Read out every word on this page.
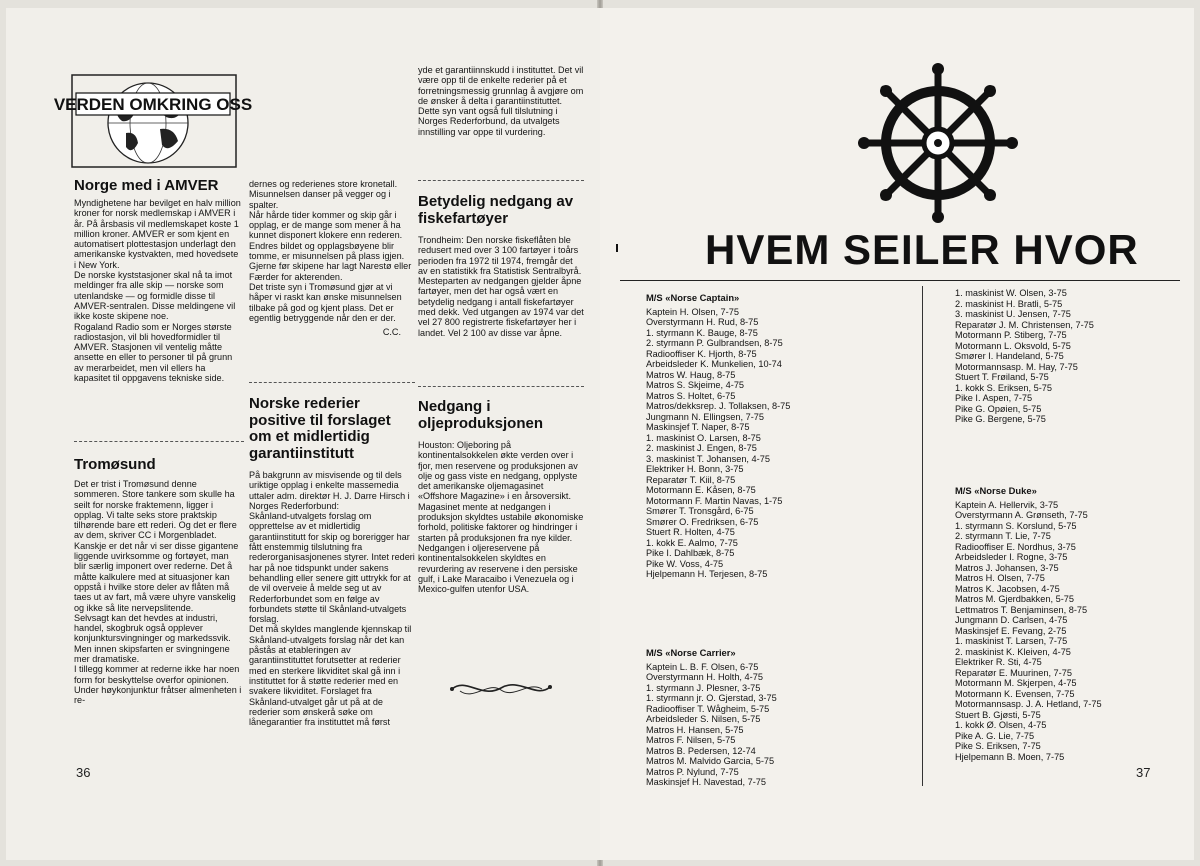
VERDEN OMKRING OSS
Norge med i AMVER

Myndighetene har bevilget en halv million kroner for norsk medlemskap i AMVER i år. På årsbasis vil medlemskapet koste 1 million kroner. AMVER er som kjent en automatisert plottestasjon underlagt den amerikanske kystvakten, med hovedsete i New York.

De norske kyststasjoner skal nå ta imot meldinger fra alle skip — norske som utenlandske — og formidle disse til AMVER-sentralen. Disse meldingene vil ikke koste skipene noe.

Rogaland Radio som er Norges største radiostasjon, vil bli hovedformidler til AMVER. Stasjonen vil ventelig måtte ansette en eller to personer til på grunn av merarbeidet, men vil ellers ha kapasitet til oppgavens tekniske side.

Tromøsund

Det er trist i Tromøsund denne sommeren. Store tankere som skulle ha seilt for norske fraktemenn, ligger i opplag. Vi talte seks store praktskip tilhørende bare ett rederi. Og det er flere av dem, skriver CC i Morgenbladet. Kanskje er det når vi ser disse gigantene liggende uvirksomme og fortøyet, man blir særlig imponert over rederne. Det å måtte kalkulere med at situasjoner kan oppstå i hvilke store deler av flåten må taes ut av fart, må være uhyre vanskelig og ikke så lite nervepslitende.

Selvsagt kan det hevdes at industri, handel, skogbruk også opplever konjunktursvingninger og markedssvik. Men innen skipsfarten er svingningene mer dramatiske.

I tillegg kommer at rederne ikke har noen form for beskyttelse overfor opinionen. Under høykonjunktur fråtser almenheten i re-

dernes og rederienes store kronetall. Misunnelsen danser på vegger og i spalter.

Når hårde tider kommer og skip går i opplag, er de mange som mener å ha kunnet disponert klokere enn rederen.

Endres bildet og opplagsbøyene blir tomme, er misunnelsen på plass igjen. Gjerne før skipene har lagt Narestø eller Færder for akterenden.

Det triste syn i Tromøsund gjør at vi håper vi raskt kan ønske misunnelsen tilbake på god og kjent plass. Det er egentlig betryggende når den er der.

C.C.

Norske rederier positive til forslaget om et midlertidig garantiinstitutt

På bakgrunn av misvisende og til dels uriktige opplag i enkelte massemedia uttaler adm. direktør H. J. Darre Hirsch i Norges Rederforbund:

Skånland-utvalgets forslag om opprettelse av et midlertidig garantiinstitutt for skip og borerigger har fått enstemmig tilslutning fra rederorganisasjonenes styrer. Intet rederi har på noe tidspunkt under sakens behandling eller senere gitt uttrykk for at de vil overveie å melde seg ut av Rederforbundet som en følge av forbundets støtte til Skånland-utvalgets forslag.

Det må skyldes manglende kjennskap til Skånland-utvalgets forslag når det kan påstås at etableringen av garantiinstituttet forutsetter at rederier med en sterkere likviditet skal gå inn i instituttet for å støtte rederier med en svakere likviditet. Forslaget fra Skånland-utvalget går ut på at de rederier som ønskerå søke om lånegarantier fra instituttet må først

yde et garantiinnskudd i instituttet. Det vil være opp til de enkelte rederier på et forretningsmessig grunnlag å avgjøre om de ønsker å delta i garantiinstituttet. Dette syn vant også full tilslutning i Norges Rederforbund, da utvalgets innstilling var oppe til vurdering.

Betydelig nedgang av fiskefartøyer

Trondheim: Den norske fiskeflåten ble redusert med over 3 100 fartøyer i toårs perioden fra 1972 til 1974, fremgår det av en statistikk fra Statistisk Sentralbyrå. Mesteparten av nedgangen gjelder åpne fartøyer, men det har også vært en betydelig nedgang i antall fiskefartøyer med dekk. Ved utgangen av 1974 var det vel 27 800 registrerte fiskefartøyer her i landet. Vel 2 100 av disse var åpne.

Nedgang i oljeproduksjonen

Houston: Oljeboring på kontinentalsokkelen økte verden over i fjor, men reservene og produksjonen av olje og gass viste en nedgang, opplyste det amerikanske oljemagasinet «Offshore Magazine» i en årsoversikt.

Magasinet mente at nedgangen i produksjon skyldtes ustabile økonomiske forhold, politiske faktorer og hindringer i starten på produksjonen fra nye kilder. Nedgangen i oljereservene på kontinentalsokkelen skyldtes en revurdering av reservene i den persiske gulf, i Lake Maracaibo i Venezuela og i Mexico-gulfen utenfor USA.

36
HVEM SEILER HVOR
M/S «Norse Captain»
Kaptein H. Olsen, 7-75
Overstyrmann H. Rud, 8-75
1. styrmann K. Bauge, 8-75
2. styrmann P. Gulbrandsen, 8-75
Radiooffiser K. Hjorth, 8-75
Arbeidsleder K. Munkelien, 10-74
Matros W. Haug, 8-75
Matros S. Skjeime, 4-75
Matros S. Holtet, 6-75
Matros/dekksrep. J. Tollaksen, 8-75
Jungmann N. Ellingsen, 7-75
Maskinsjef T. Naper, 8-75
1. maskinist O. Larsen, 8-75
2. maskinist J. Engen, 8-75
3. maskinist T. Johansen, 4-75
Elektriker H. Bonn, 3-75
Reparatør T. Kiil, 8-75
Motormann E. Kåsen, 8-75
Motormann F. Martin Navas, 1-75
Smører T. Tronsgård, 6-75
Smører O. Fredriksen, 6-75
Stuert R. Holten, 4-75
1. kokk E. Aalmo, 7-75
Pike I. Dahlbæk, 8-75
Pike W. Voss, 4-75
Hjelpemann H. Terjesen, 8-75
M/S «Norse Carrier»
Kaptein L. B. F. Olsen, 6-75
Overstyrmann H. Holth, 4-75
1. styrmann J. Plesner, 3-75
1. styrmann jr. O. Gjerstad, 3-75
Radiooffiser T. Wågheim, 5-75
Arbeidsleder S. Nilsen, 5-75
Matros H. Hansen, 5-75
Matros F. Nilsen, 5-75
Matros B. Pedersen, 12-74
Matros M. Malvido Garcia, 5-75
Matros P. Nylund, 7-75
Maskinsjef H. Navestad, 7-75
1. maskinist W. Olsen, 3-75
2. maskinist H. Bratli, 5-75
3. maskinist U. Jensen, 7-75
Reparatør J. M. Christensen, 7-75
Motormann P. Stiberg, 7-75
Motormann L. Oksvold, 5-75
Smører I. Handeland, 5-75
Motormannsasp. M. Hay, 7-75
Stuert T. Frøiland, 5-75
1. kokk S. Eriksen, 5-75
Pike I. Aspen, 7-75
Pike G. Opøien, 5-75
Pike G. Bergene, 5-75
M/S «Norse Duke»
Kaptein A. Hellervik, 3-75
Overstyrmann A. Grønseth, 7-75
1. styrmann S. Korslund, 5-75
2. styrmann T. Lie, 7-75
Radiooffiser E. Nordhus, 3-75
Arbeidsleder I. Rogne, 3-75
Matros J. Johansen, 3-75
Matros H. Olsen, 7-75
Matros K. Jacobsen, 4-75
Matros M. Gjerdbakken, 5-75
Lettmatros T. Benjaminsen, 8-75
Jungmann D. Carlsen, 4-75
Maskinsjef E. Fevang, 2-75
1. maskinist T. Larsen, 7-75
2. maskinist K. Kleiven, 4-75
Elektriker R. Sti, 4-75
Reparatør E. Muurinen, 7-75
Motormann M. Skjerpen, 4-75
Motormann K. Evensen, 7-75
Motormannsasp. J. A. Hetland, 7-75
Stuert B. Gjøsti, 5-75
1. kokk Ø. Olsen, 4-75
Pike A. G. Lie, 7-75
Pike S. Eriksen, 7-75
Hjelpemann B. Moen, 7-75
37
